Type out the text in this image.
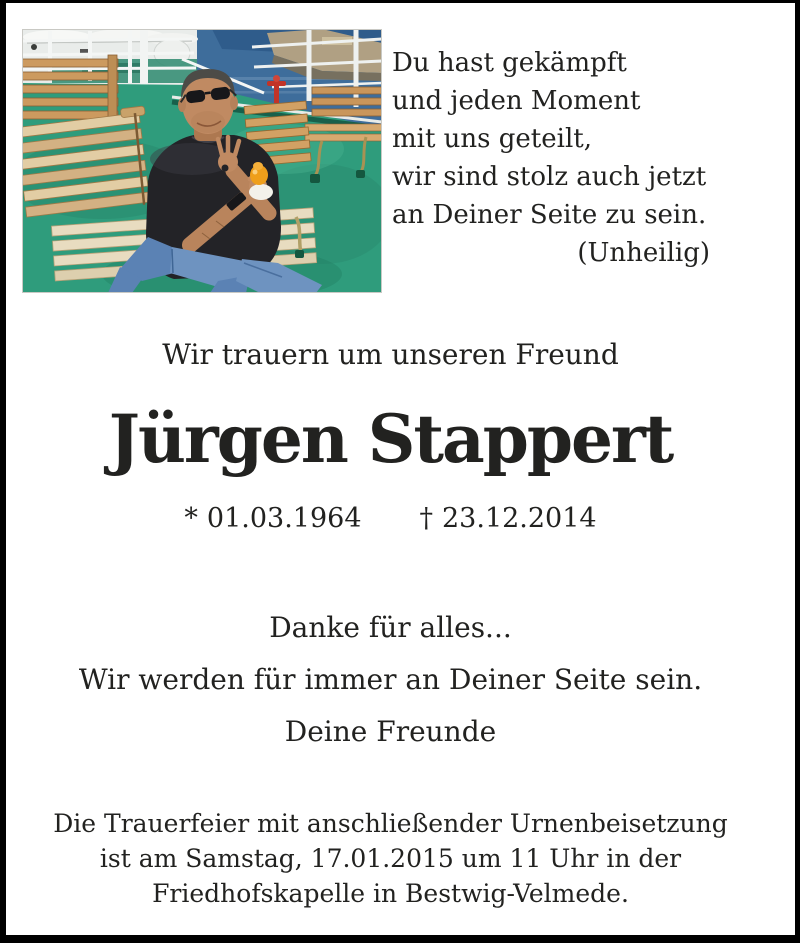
Du hast gekämpft
und jeden Moment
mit uns geteilt,
wir sind stolz auch jetzt
an Deiner Seite zu sein.
(Unheilig)
Wir trauern um unseren Freund
Jürgen Stappert
* 01.03.1964 † 23.12.2014
Danke für alles...
Wir werden für immer an Deiner Seite sein.
Deine Freunde
Die Trauerfeier mit anschließender Urnenbeisetzung
ist am Samstag, 17.01.2015 um 11 Uhr in der
Friedhofskapelle in Bestwig-Velmede.
